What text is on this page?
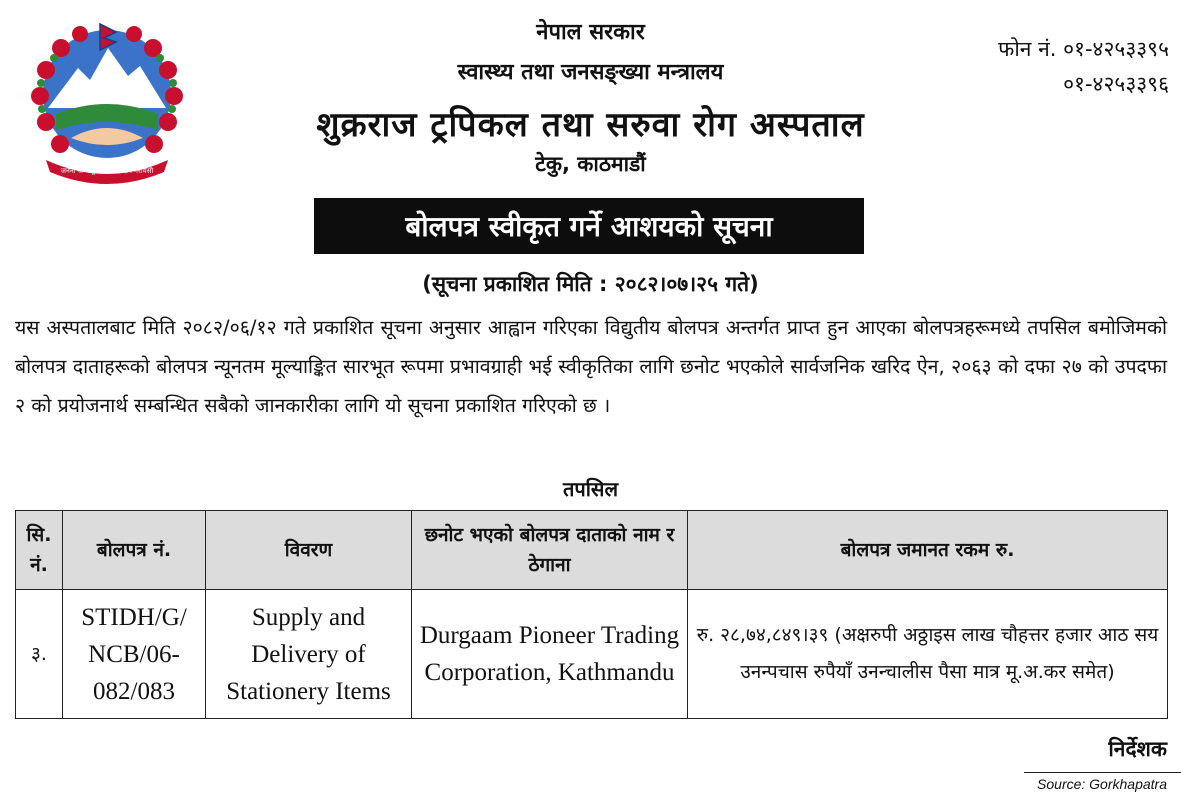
जननी जन्मभूमिश्च स्वर्गादपि गरीयसी
नेपाल सरकार
स्वास्थ्य तथा जनसङ्ख्या मन्त्रालय
शुक्रराज ट्रपिकल तथा सरुवा रोग अस्पताल
टेकु, काठमाडौं
फोन नं. ०१-४२५३३९५
०१-४२५३३९६
बोलपत्र स्वीकृत गर्ने आशयको सूचना
(सूचना प्रकाशित मिति : २०८२।०७।२५ गते)

यस अस्पतालबाट मिति २०८२/०६/१२ गते प्रकाशित सूचना अनुसार आह्वान गरिएका विद्युतीय बोलपत्र अन्तर्गत प्राप्त हुन आएका बोलपत्रहरूमध्ये तपसिल बमोजिमको बोलपत्र दाताहरूको बोलपत्र न्यूनतम मूल्याङ्कित सारभूत रूपमा प्रभावग्राही भई स्वीकृतिका लागि छनोट भएकोले सार्वजनिक खरिद ऐन, २०६३ को दफा २७ को उपदफा २ को प्रयोजनार्थ सम्बन्धित सबैको जानकारीका लागि यो सूचना प्रकाशित गरिएको छ ।

तपसिल
सि. नं.	बोलपत्र नं.	विवरण	छनोट भएको बोलपत्र दाताको नाम र ठेगाना	बोलपत्र जमानत रकम रु.
३.	STIDH/G/ NCB/06- 082/083	Supply and Delivery of Stationery Items	Durgaam Pioneer Trading Corporation, Kathmandu	रु. २८,७४,८४९।३९ (अक्षरुपी अठ्ठाइस लाख चौहत्तर हजार आठ सय उनन्पचास रुपैयाँ उनन्चालीस पैसा मात्र मू.अ.कर समेत)
निर्देशक
Source: Gorkhapatra
